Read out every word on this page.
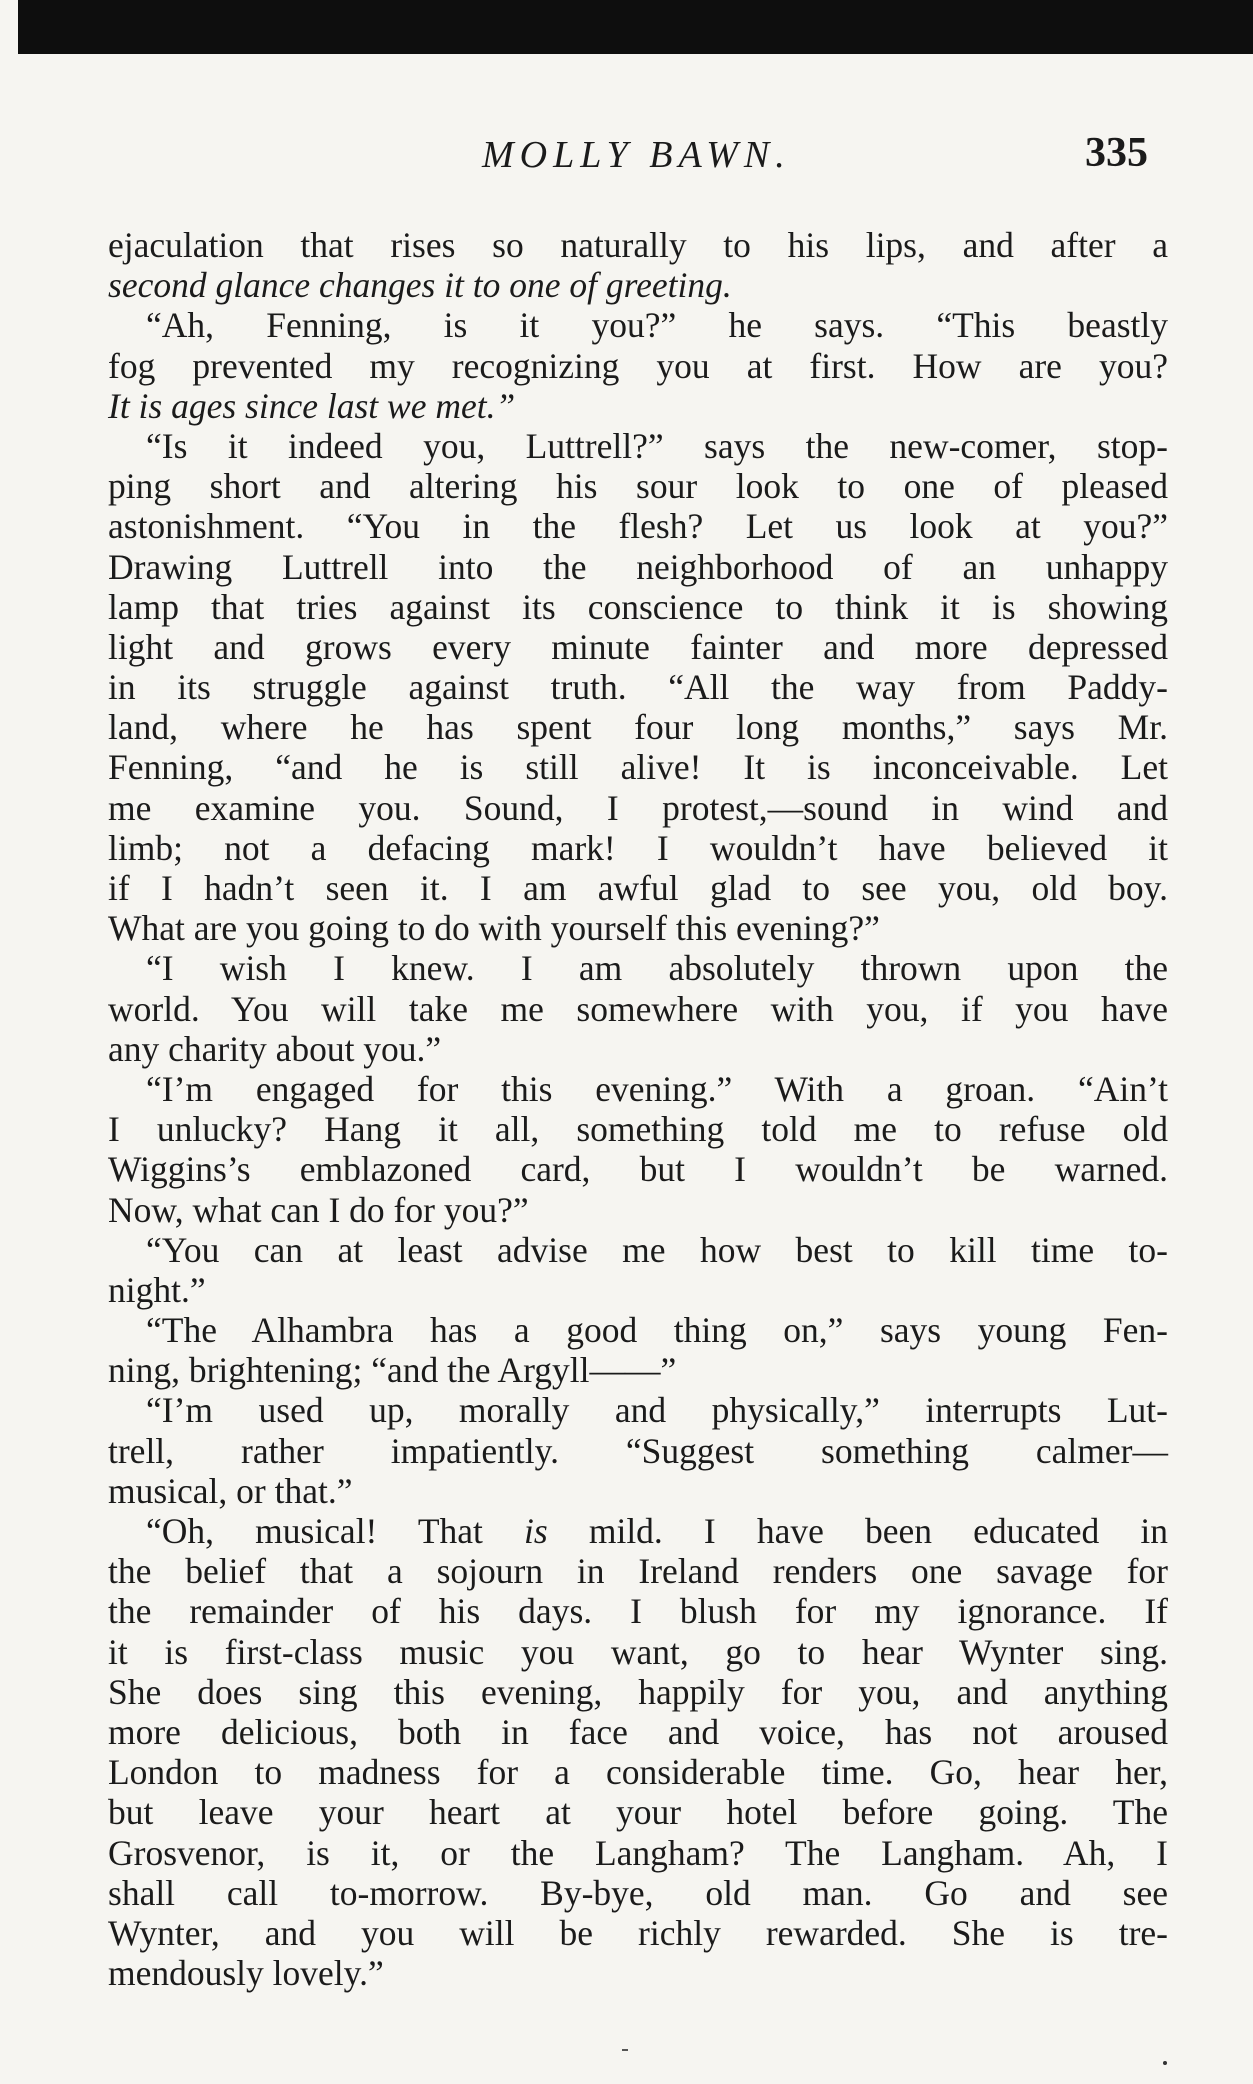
MOLLY BAWN.	335
ejaculation that rises so naturally to his lips, and after a
second glance changes it to one of greeting.
“Ah, Fenning, is it you?” he says. “This beastly
fog prevented my recognizing you at first. How are you?
It is ages since last we met.”
“Is it indeed you, Luttrell?” says the new-comer, stop-
ping short and altering his sour look to one of pleased
astonishment. “You in the flesh? Let us look at you?”
Drawing Luttrell into the neighborhood of an unhappy
lamp that tries against its conscience to think it is showing
light and grows every minute fainter and more depressed
in its struggle against truth. “All the way from Paddy-
land, where he has spent four long months,” says Mr.
Fenning, “and he is still alive! It is inconceivable. Let
me examine you. Sound, I protest,—sound in wind and
limb; not a defacing mark! I wouldn’t have believed it
if I hadn’t seen it. I am awful glad to see you, old boy.
What are you going to do with yourself this evening?”
“I wish I knew. I am absolutely thrown upon the
world. You will take me somewhere with you, if you have
any charity about you.”
“I’m engaged for this evening.” With a groan. “Ain’t
I unlucky? Hang it all, something told me to refuse old
Wiggins’s emblazoned card, but I wouldn’t be warned.
Now, what can I do for you?”
“You can at least advise me how best to kill time to-
night.”
“The Alhambra has a good thing on,” says young Fen-
ning, brightening; “and the Argyll——”
“I’m used up, morally and physically,” interrupts Lut-
trell, rather impatiently. “Suggest something calmer—
musical, or that.”
“Oh, musical! That is mild. I have been educated in
the belief that a sojourn in Ireland renders one savage for
the remainder of his days. I blush for my ignorance. If
it is first-class music you want, go to hear Wynter sing.
She does sing this evening, happily for you, and anything
more delicious, both in face and voice, has not aroused
London to madness for a considerable time. Go, hear her,
but leave your heart at your hotel before going. The
Grosvenor, is it, or the Langham? The Langham. Ah, I
shall call to-morrow. By-bye, old man. Go and see
Wynter, and you will be richly rewarded. She is tre-
mendously lovely.”
